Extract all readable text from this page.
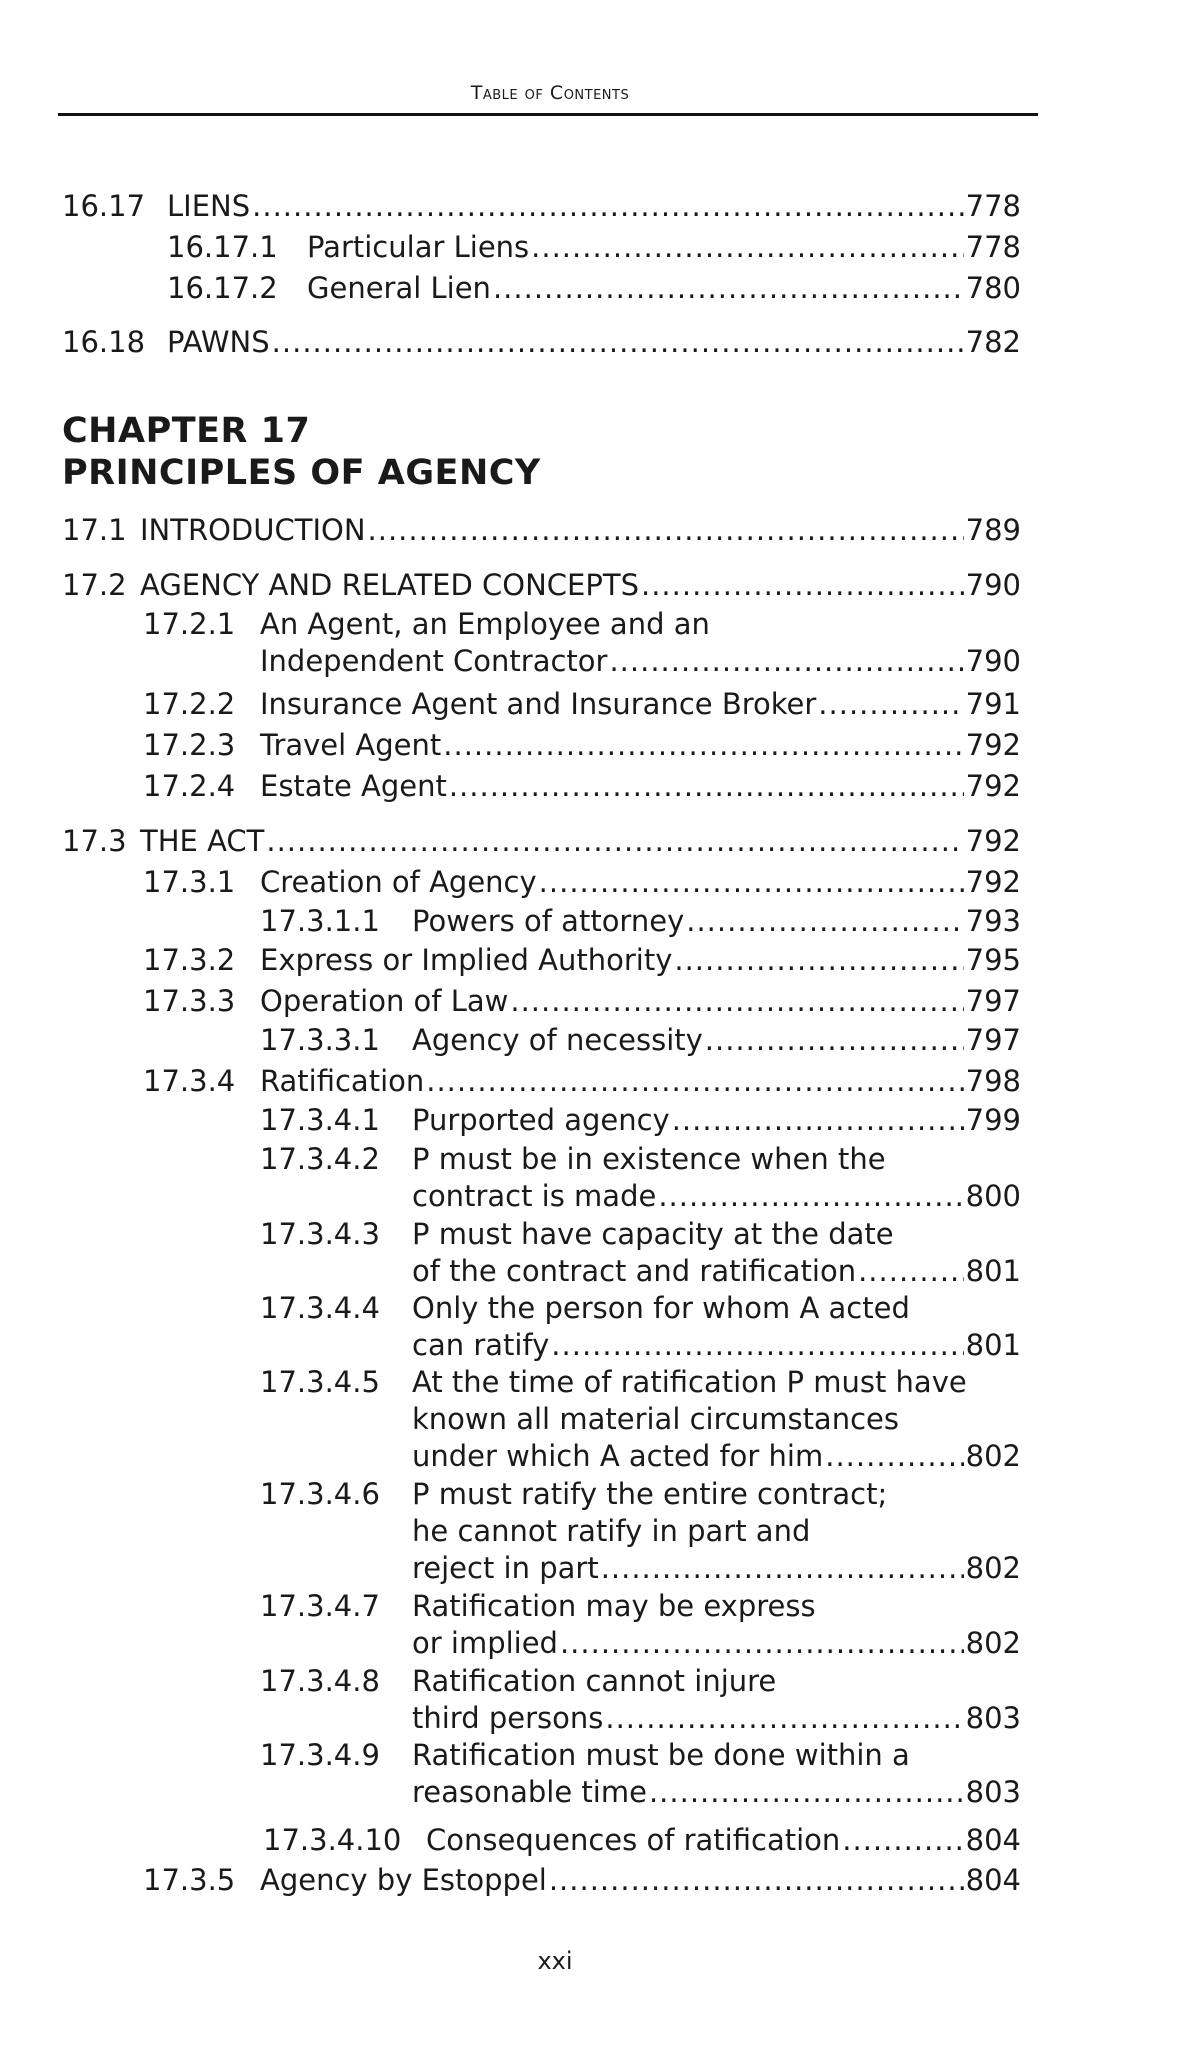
Table of Contents
16.17 LIENS .....	778
16.17.1	Particular Liens .....	778
16.17.2	General Lien .....	780
16.18 PAWNS .....	782
CHAPTER 17
PRINCIPLES OF AGENCY
17.1 INTRODUCTION .....	789
17.2 AGENCY AND RELATED CONCEPTS .....	790
17.2.1 An Agent, an Employee and an
Independent Contractor .....	790
17.2.2 Insurance Agent and Insurance Broker .....	791
17.2.3 Travel Agent .....	792
17.2.4 Estate Agent .....	792
17.3 THE ACT .....	792
17.3.1 Creation of Agency .....	792
17.3.1.1	Powers of attorney .....	793
17.3.2 Express or Implied Authority .....	795
17.3.3 Operation of Law .....	797
17.3.3.1	Agency of necessity .....	797
17.3.4 Ratification .....	798
17.3.4.1	Purported agency .....	799
17.3.4.2	P must be in existence when the
contract is made .....	800
17.3.4.3	P must have capacity at the date
of the contract and ratification .....	801
17.3.4.4	Only the person for whom A acted
can ratify .....	801
17.3.4.5	At the time of ratification P must have
known all material circumstances
under which A acted for him .....	802
17.3.4.6	P must ratify the entire contract;
he cannot ratify in part and
reject in part .....	802
17.3.4.7	Ratification may be express
or implied .....	802
17.3.4.8	Ratification cannot injure
third persons .....	803
17.3.4.9	Ratification must be done within a
reasonable time .....	803
17.3.4.10 Consequences of ratification .....	804
17.3.5 Agency by Estoppel .....	804
xxi
